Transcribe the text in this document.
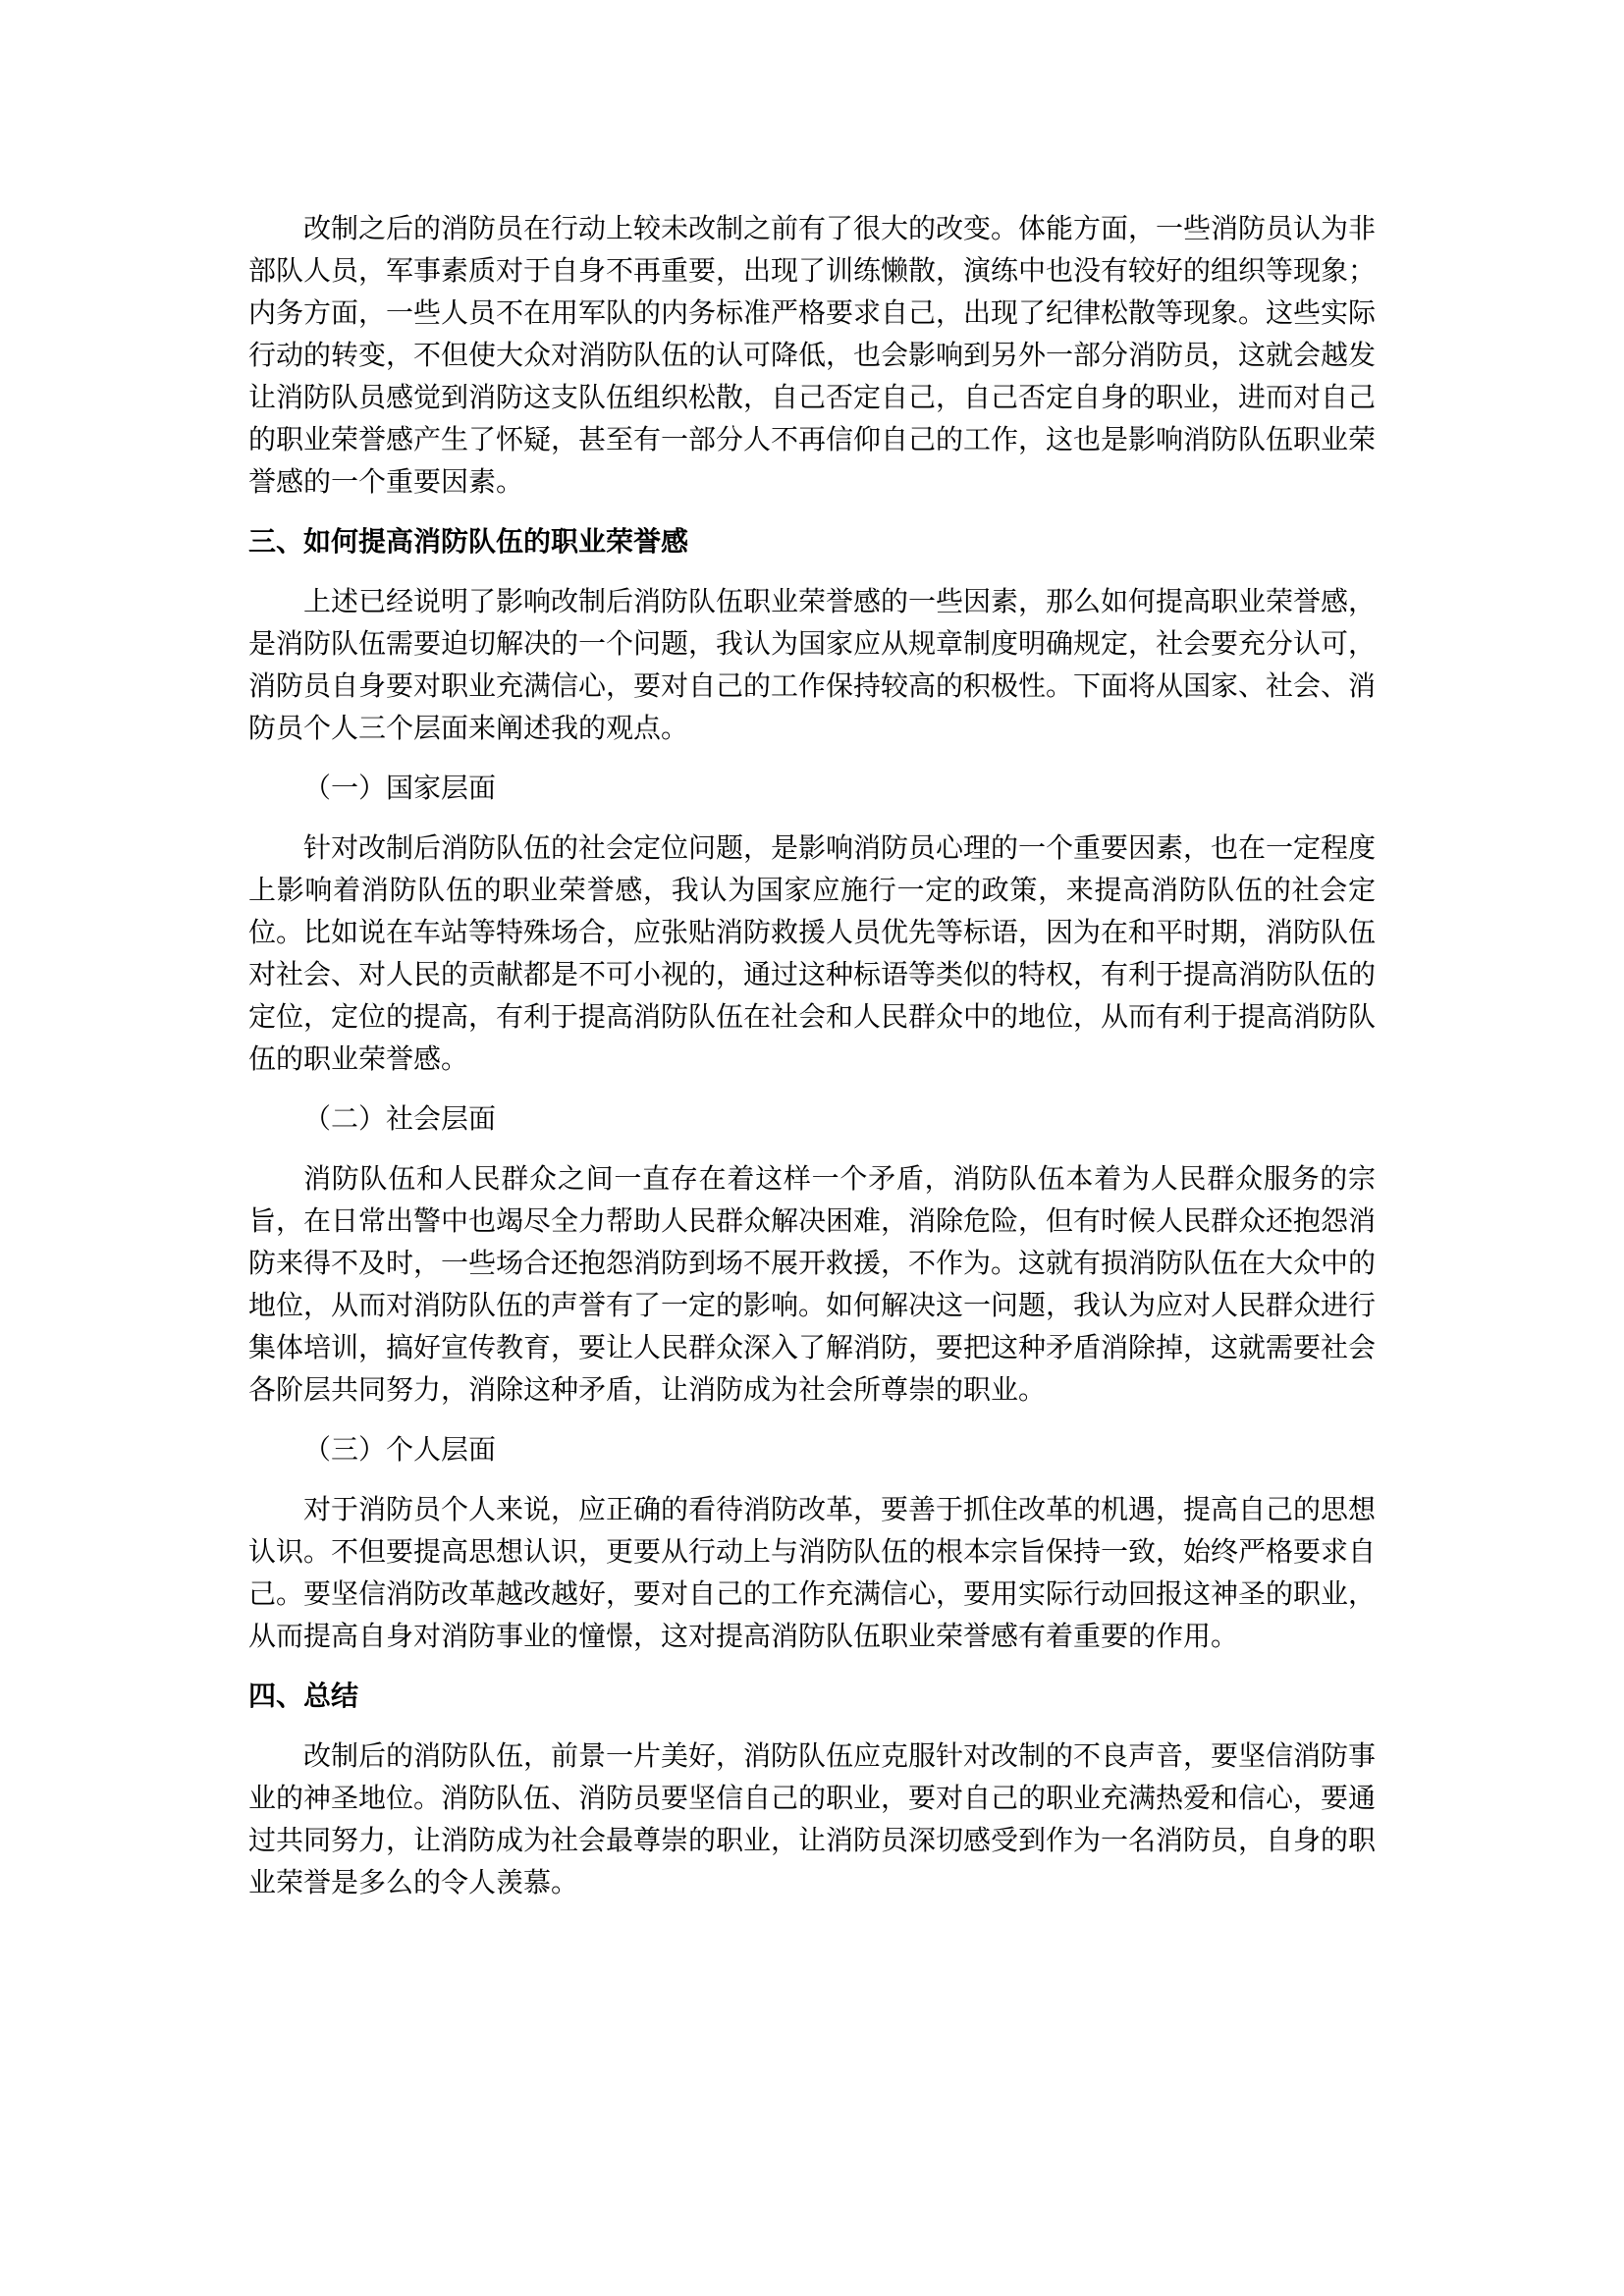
改制之后的消防员在行动上较未改制之前有了很大的改变。体能方面，一些消防员认为非部队人员，军事素质对于自身不再重要，出现了训练懒散，演练中也没有较好的组织等现象；内务方面，一些人员不在用军队的内务标准严格要求自己，出现了纪律松散等现象。这些实际行动的转变，不但使大众对消防队伍的认可降低，也会影响到另外一部分消防员，这就会越发让消防队员感觉到消防这支队伍组织松散，自己否定自己，自己否定自身的职业，进而对自己的职业荣誉感产生了怀疑，甚至有一部分人不再信仰自己的工作，这也是影响消防队伍职业荣誉感的一个重要因素。

三、如何提高消防队伍的职业荣誉感

上述已经说明了影响改制后消防队伍职业荣誉感的一些因素，那么如何提高职业荣誉感，是消防队伍需要迫切解决的一个问题，我认为国家应从规章制度明确规定，社会要充分认可，消防员自身要对职业充满信心，要对自己的工作保持较高的积极性。下面将从国家、社会、消防员个人三个层面来阐述我的观点。

（一）国家层面

针对改制后消防队伍的社会定位问题，是影响消防员心理的一个重要因素，也在一定程度上影响着消防队伍的职业荣誉感，我认为国家应施行一定的政策，来提高消防队伍的社会定位。比如说在车站等特殊场合，应张贴消防救援人员优先等标语，因为在和平时期，消防队伍对社会、对人民的贡献都是不可小视的，通过这种标语等类似的特权，有利于提高消防队伍的定位，定位的提高，有利于提高消防队伍在社会和人民群众中的地位，从而有利于提高消防队伍的职业荣誉感。

（二）社会层面

消防队伍和人民群众之间一直存在着这样一个矛盾，消防队伍本着为人民群众服务的宗旨，在日常出警中也竭尽全力帮助人民群众解决困难，消除危险，但有时候人民群众还抱怨消防来得不及时，一些场合还抱怨消防到场不展开救援，不作为。这就有损消防队伍在大众中的地位，从而对消防队伍的声誉有了一定的影响。如何解决这一问题，我认为应对人民群众进行集体培训，搞好宣传教育，要让人民群众深入了解消防，要把这种矛盾消除掉，这就需要社会各阶层共同努力，消除这种矛盾，让消防成为社会所尊崇的职业。

（三）个人层面

对于消防员个人来说，应正确的看待消防改革，要善于抓住改革的机遇，提高自己的思想认识。不但要提高思想认识，更要从行动上与消防队伍的根本宗旨保持一致，始终严格要求自己。要坚信消防改革越改越好，要对自己的工作充满信心，要用实际行动回报这神圣的职业，从而提高自身对消防事业的憧憬，这对提高消防队伍职业荣誉感有着重要的作用。

四、总结

改制后的消防队伍，前景一片美好，消防队伍应克服针对改制的不良声音，要坚信消防事业的神圣地位。消防队伍、消防员要坚信自己的职业，要对自己的职业充满热爱和信心，要通过共同努力，让消防成为社会最尊崇的职业，让消防员深切感受到作为一名消防员，自身的职业荣誉是多么的令人羡慕。
